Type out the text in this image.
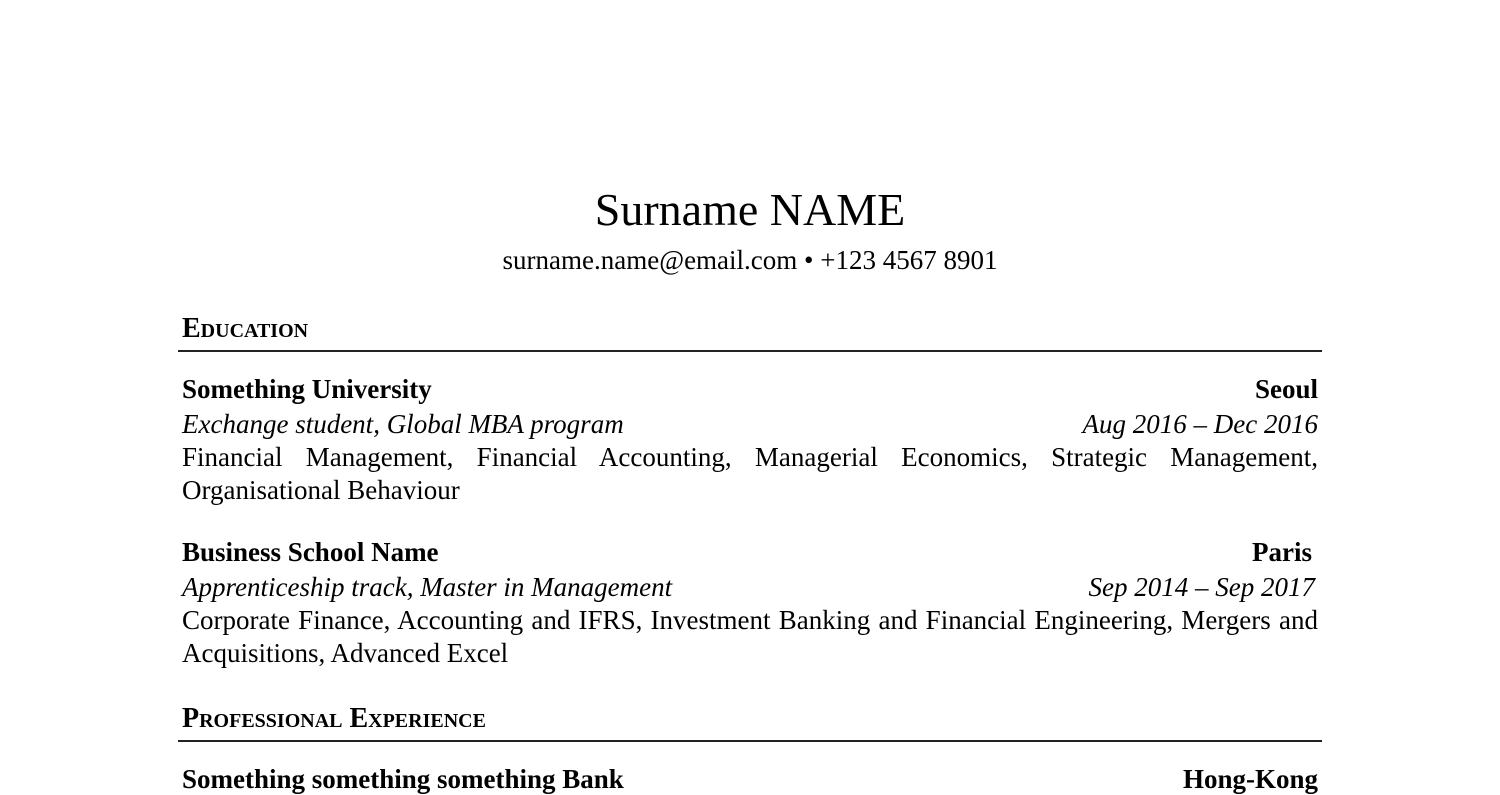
Surname NAME
surname.name@email.com • +123 4567 8901
Education
Something University	Seoul
Exchange student, Global MBA program	Aug 2016 – Dec 2016
Financial Management, Financial Accounting, Managerial Economics, Strategic Management, Organisational Behaviour
Business School Name	Paris
Apprenticeship track, Master in Management	Sep 2014 – Sep 2017
Corporate Finance, Accounting and IFRS, Investment Banking and Financial Engineering, Mergers and Acquisitions, Advanced Excel
Professional Experience
Something something something Bank	Hong-Kong
